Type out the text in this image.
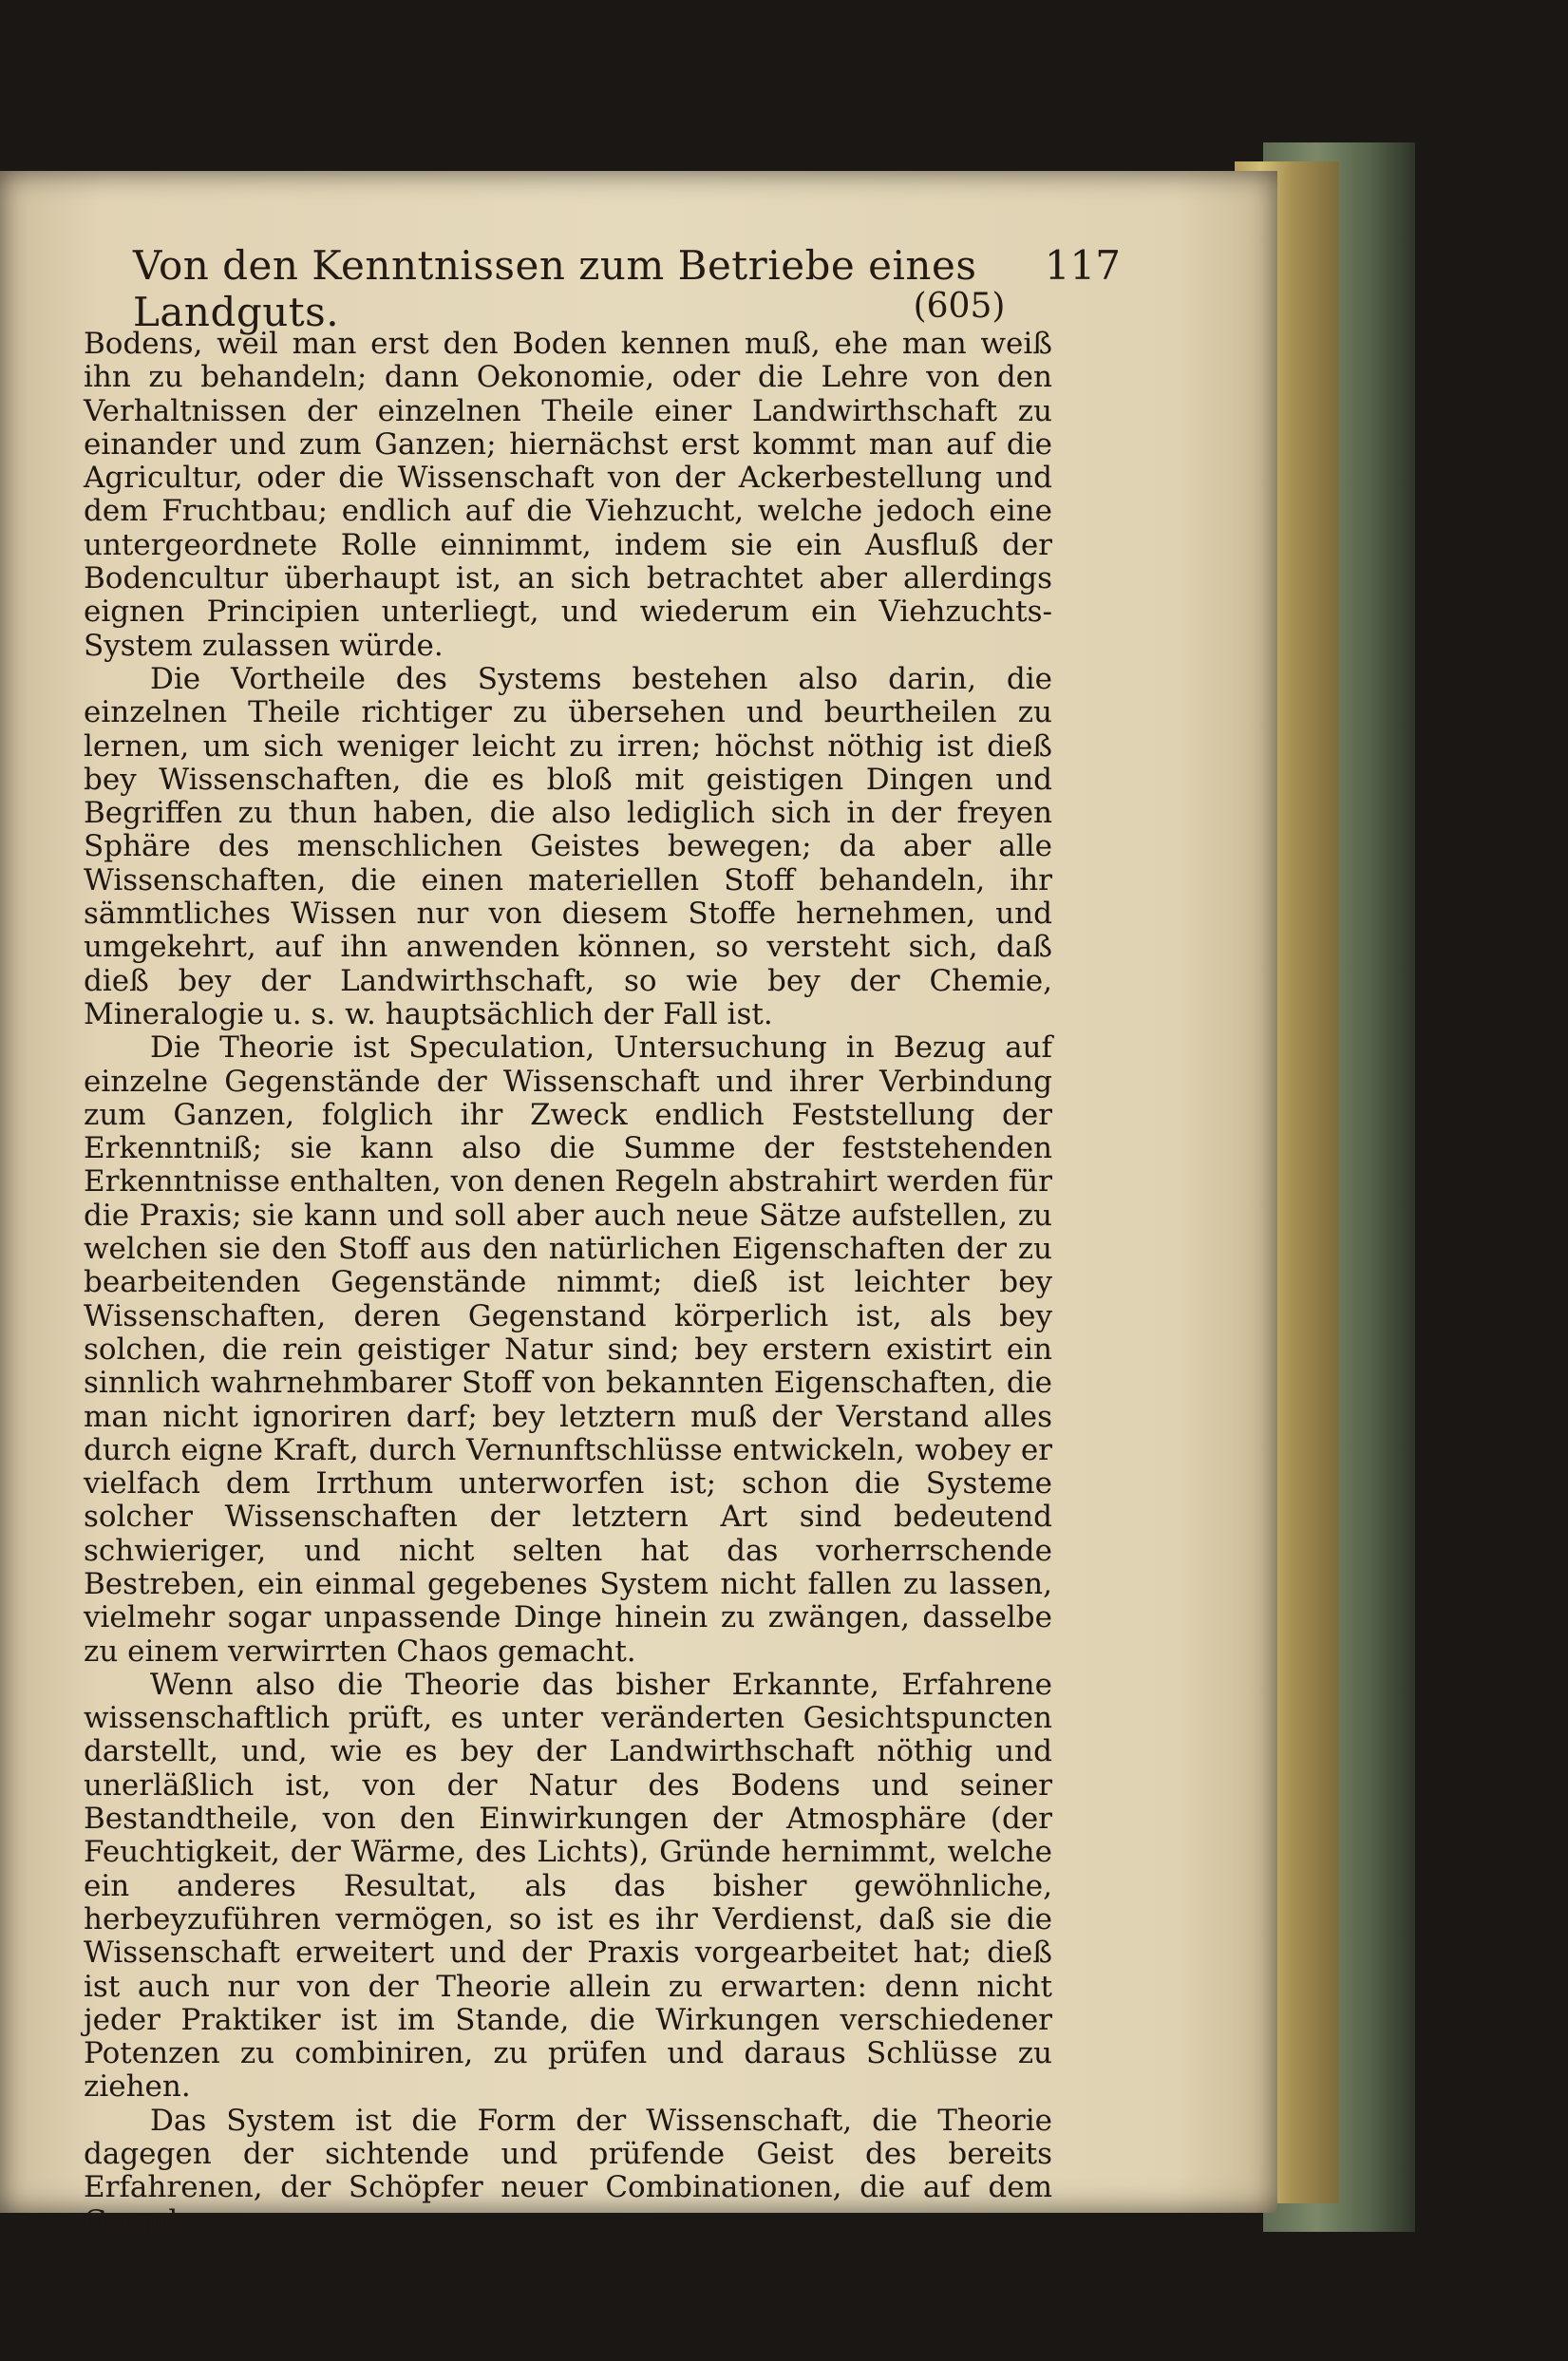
Von den Kenntnissen zum Betriebe eines Landguts.
117
(605)

Bodens, weil man erst den Boden kennen muß, ehe man weiß ihn zu behandeln; dann Oekonomie, oder die Lehre von den Verhaltnissen der einzelnen Theile einer Landwirthschaft zu einander und zum Ganzen; hiernächst erst kommt man auf die Agricultur, oder die Wissenschaft von der Ackerbestellung und dem Fruchtbau; endlich auf die Viehzucht, welche jedoch eine untergeordnete Rolle einnimmt, indem sie ein Ausfluß der Bodencultur überhaupt ist, an sich betrachtet aber allerdings eignen Principien unterliegt, und wiederum ein Viehzuchts-System zulassen würde.

Die Vortheile des Systems bestehen also darin, die einzelnen Theile richtiger zu übersehen und beurtheilen zu lernen, um sich weniger leicht zu irren; höchst nöthig ist dieß bey Wissenschaften, die es bloß mit geistigen Dingen und Begriffen zu thun haben, die also lediglich sich in der freyen Sphäre des menschlichen Geistes bewegen; da aber alle Wissenschaften, die einen materiellen Stoff behandeln, ihr sämmtliches Wissen nur von diesem Stoffe hernehmen, und umgekehrt, auf ihn anwenden können, so versteht sich, daß dieß bey der Landwirthschaft, so wie bey der Chemie, Mineralogie u. s. w. hauptsächlich der Fall ist.

Die Theorie ist Speculation, Untersuchung in Bezug auf einzelne Gegenstände der Wissenschaft und ihrer Verbindung zum Ganzen, folglich ihr Zweck endlich Feststellung der Erkenntniß; sie kann also die Summe der feststehenden Erkenntnisse enthalten, von denen Regeln abstrahirt werden für die Praxis; sie kann und soll aber auch neue Sätze aufstellen, zu welchen sie den Stoff aus den natürlichen Eigenschaften der zu bearbeitenden Gegenstände nimmt; dieß ist leichter bey Wissenschaften, deren Gegenstand körperlich ist, als bey solchen, die rein geistiger Natur sind; bey erstern existirt ein sinnlich wahrnehmbarer Stoff von bekannten Eigenschaften, die man nicht ignoriren darf; bey letztern muß der Verstand alles durch eigne Kraft, durch Vernunftschlüsse entwickeln, wobey er vielfach dem Irrthum unterworfen ist; schon die Systeme solcher Wissenschaften der letztern Art sind bedeutend schwieriger, und nicht selten hat das vorherrschende Bestreben, ein einmal gegebenes System nicht fallen zu lassen, vielmehr sogar unpassende Dinge hinein zu zwängen, dasselbe zu einem verwirrten Chaos gemacht.

Wenn also die Theorie das bisher Erkannte, Erfahrene wissenschaftlich prüft, es unter veränderten Gesichtspuncten darstellt, und, wie es bey der Landwirthschaft nöthig und unerläßlich ist, von der Natur des Bodens und seiner Bestandtheile, von den Einwirkungen der Atmosphäre (der Feuchtigkeit, der Wärme, des Lichts), Gründe hernimmt, welche ein anderes Resultat, als das bisher gewöhnliche, herbeyzuführen vermögen, so ist es ihr Verdienst, daß sie die Wissenschaft erweitert und der Praxis vorgearbeitet hat; dieß ist auch nur von der Theorie allein zu erwarten: denn nicht jeder Praktiker ist im Stande, die Wirkungen verschiedener Potenzen zu combiniren, zu prüfen und daraus Schlüsse zu ziehen.

Das System ist die Form der Wissenschaft, die Theorie dagegen der sichtende und prüfende Geist des bereits Erfahrenen, der Schöpfer neuer Combinationen, die auf dem Grund
